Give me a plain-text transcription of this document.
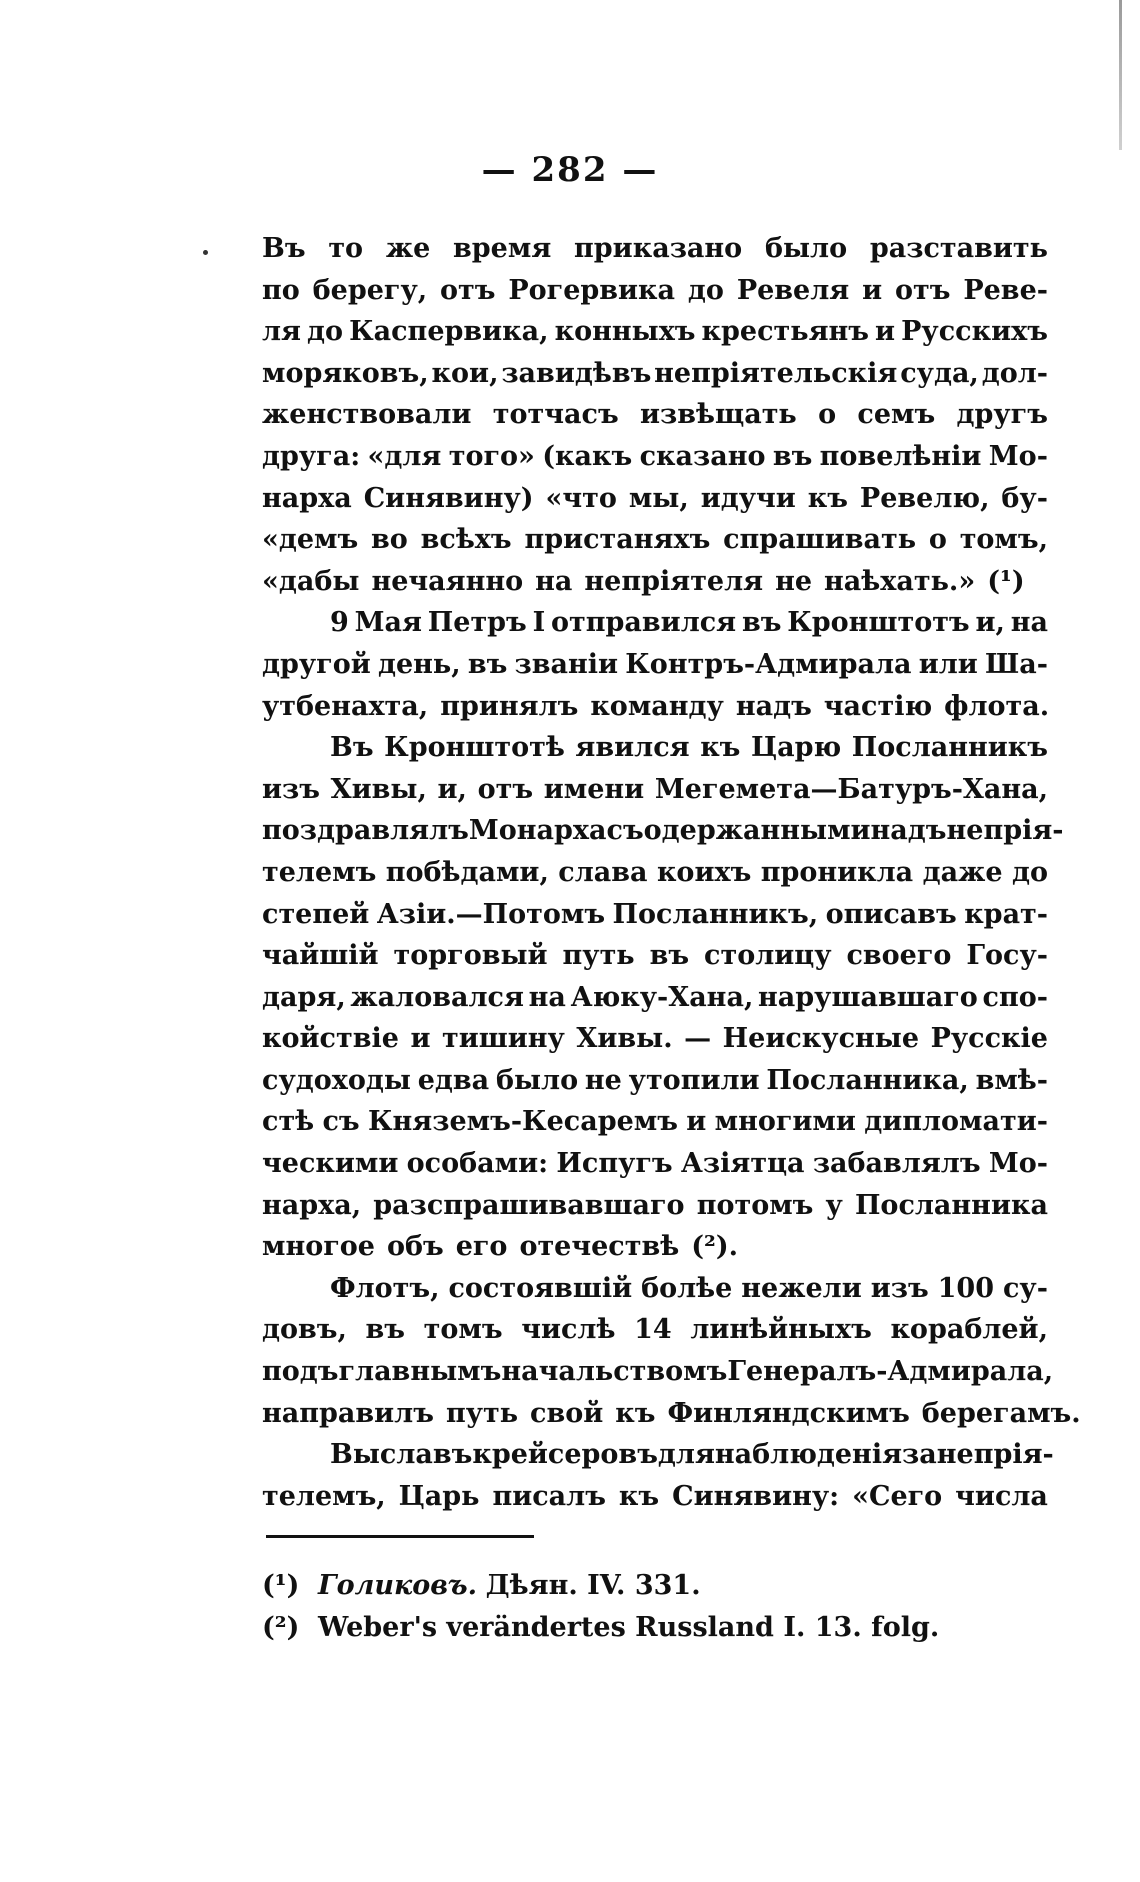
— 282 —
Въ то же время приказано было разставить
по берегу, отъ Рогервика до Ревеля и отъ Реве-
ля до Каспервика, конныхъ крестьянъ и Русскихъ
моряковъ, кои, завидѣвъ непріятельскія суда, дол-
женствовали тотчасъ извѣщать о семъ другъ
друга: «для того» (какъ сказано въ повелѣніи Мо-
нарха Синявину) «что мы, идучи къ Ревелю, бу-
«демъ во всѣхъ пристаняхъ спрашивать о томъ,
«дабы нечаянно на непріятеля не наѣхать.» (¹)
9 Мая Петръ I отправился въ Кронштотъ и, на
другой день, въ званіи Контръ-Адмирала или Ша-
утбенахта, принялъ команду надъ частію флота.
Въ Кронштотѣ явился къ Царю Посланникъ
изъ Хивы, и, отъ имени Мегемета—Батуръ-Хана,
поздравлялъ Монарха съ одержанными надъ непрія-
телемъ побѣдами, слава коихъ проникла даже до
степей Азіи.—Потомъ Посланникъ, описавъ крат-
чайшій торговый путь въ столицу своего Госу-
даря, жаловался на Аюку-Хана, нарушавшаго спо-
койствіе и тишину Хивы. — Неискусные Русскіе
судоходы едва было не утопили Посланника, вмѣ-
стѣ съ Княземъ-Кесаремъ и многими дипломати-
ческими особами: Испугъ Азіятца забавлялъ Мо-
нарха, разспрашивавшаго потомъ у Посланника
многое объ его отечествѣ (²).
Флотъ, состоявшій болѣе нежели изъ 100 су-
довъ, въ томъ числѣ 14 линѣйныхъ кораблей,
подъ главнымъ начальствомъ Генералъ - Адмирала,
направилъ путь свой къ Финляндскимъ берегамъ.
Выславъ крейсеровъ для наблюденія за непрія-
телемъ, Царь писалъ къ Синявину: «Сего числа
(¹) Голиковъ. Дѣян. IV. 331.
(²) Weber's verändertes Russland I. 13. folg.
